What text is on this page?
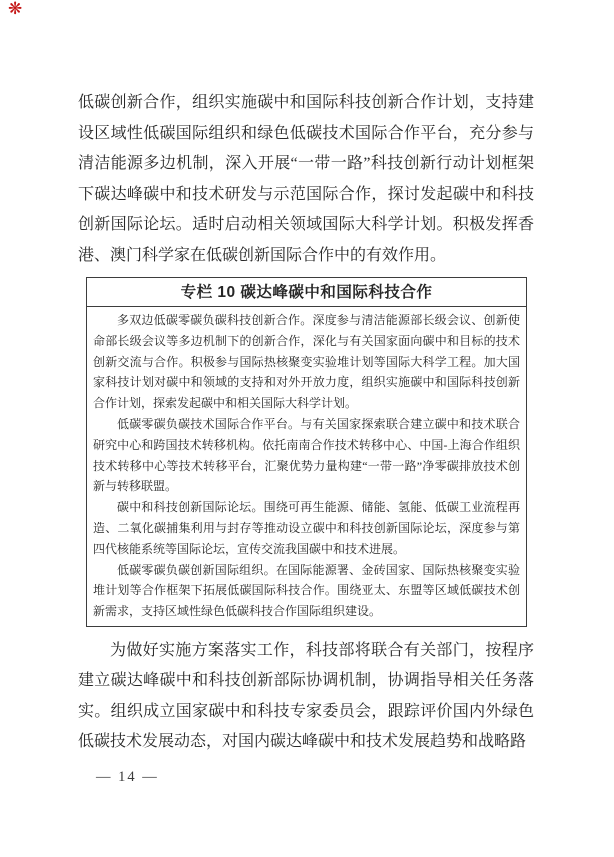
❋

低碳创新合作，组织实施碳中和国际科技创新合作计划，支持建设区域性低碳国际组织和绿色低碳技术国际合作平台，充分参与清洁能源多边机制，深入开展“一带一路”科技创新行动计划框架下碳达峰碳中和技术研发与示范国际合作，探讨发起碳中和科技创新国际论坛。适时启动相关领域国际大科学计划。积极发挥香港、澳门科学家在低碳创新国际合作中的有效作用。

专栏 10 碳达峰碳中和国际科技合作

多双边低碳零碳负碳科技创新合作。深度参与清洁能源部长级会议、创新使命部长级会议等多边机制下的创新合作，深化与有关国家面向碳中和目标的技术创新交流与合作。积极参与国际热核聚变实验堆计划等国际大科学工程。加大国家科技计划对碳中和领域的支持和对外开放力度，组织实施碳中和国际科技创新合作计划，探索发起碳中和相关国际大科学计划。

低碳零碳负碳技术国际合作平台。与有关国家探索联合建立碳中和技术联合研究中心和跨国技术转移机构。依托南南合作技术转移中心、中国-上海合作组织技术转移中心等技术转移平台，汇聚优势力量构建“一带一路”净零碳排放技术创新与转移联盟。

碳中和科技创新国际论坛。围绕可再生能源、储能、氢能、低碳工业流程再造、二氧化碳捕集利用与封存等推动设立碳中和科技创新国际论坛，深度参与第四代核能系统等国际论坛，宣传交流我国碳中和技术进展。

低碳零碳负碳创新国际组织。在国际能源署、金砖国家、国际热核聚变实验堆计划等合作框架下拓展低碳国际科技合作。围绕亚太、东盟等区域低碳技术创新需求，支持区域性绿色低碳科技合作国际组织建设。

为做好实施方案落实工作，科技部将联合有关部门，按程序建立碳达峰碳中和科技创新部际协调机制，协调指导相关任务落实。组织成立国家碳中和科技专家委员会，跟踪评价国内外绿色低碳技术发展动态，对国内碳达峰碳中和技术发展趋势和战略路

— 14 —
